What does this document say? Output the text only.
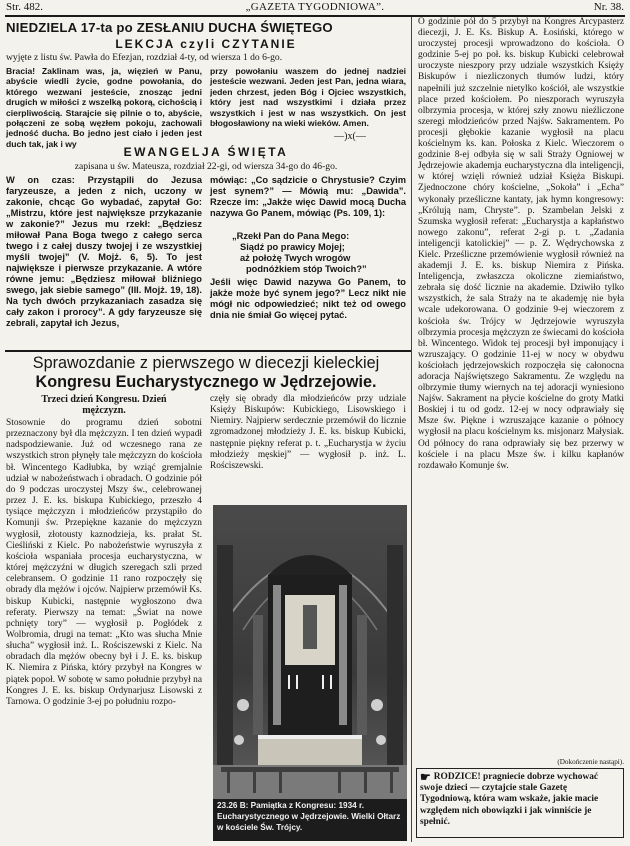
Str. 482.	„GAZETA TYGODNIOWA”.	Nr. 38.
NIEDZIELA 17-ta po ZESŁANIU DUCHA ŚWIĘTEGO
LEKCJA czyli CZYTANIE
wyjęte z listu św. Pawła do Efezjan, rozdział 4-ty, od wiersza 1 do 6-go.
Bracia! Zaklinam was, ja, więzień w Panu, abyście wiedli życie, godne powołania, do którego wezwani jesteście, znosząc jedni drugich w miłości z wszelką pokorą, cichością i cierpliwością. Starajcie się pilnie o to, abyście, połączeni ze sobą węzłem pokoju, zachowali jedność ducha. Bo jedno jest ciało i jeden jest duch tak, jak i wy
przy powołaniu waszem do jednej nadziei jesteście wezwani. Jeden jest Pan, jedna wiara, jeden chrzest, jeden Bóg i Ojciec wszystkich, który jest nad wszystkimi i działa przez wszystkich i jest w nas wszystkich. On jest błogosławiony na wieki wieków. Amen.
—)x(—
EWANGELJA ŚWIĘTA
zapisana u św. Mateusza, rozdział 22-gi, od wiersza 34-go do 46-go.
W on czas: Przystąpili do Jezusa faryzeusze, a jeden z nich, uczony w zakonie, chcąc Go wybadać, zapytał Go: „Mistrzu, które jest największe przykazanie w zakonie?” Jezus mu rzekł: „Będziesz miłował Pana Boga twego z całego serca twego i z całej duszy twojej i ze wszystkiej myśli twojej” (V. Mojż. 6, 5). To jest największe i pierwsze przykazanie. A wtóre równe jemu: „Będziesz miłował bliźniego swego, jak siebie samego” (III. Mojż. 19, 18). Na tych dwóch przykazaniach zasadza się cały zakon i prorocy”. A gdy faryzeusze się zebrali, zapytał ich Jezus,
mówiąc: „Co sądzicie o Chrystusie? Czyim jest synem?” — Mówią mu: „Dawida”. Rzecze im: „Jakże więc Dawid mocą Ducha nazywa Go Panem, mówiąc (Ps. 109, 1):
„Rzekł Pan do Pana Mego:
Siądź po prawicy Mojej;
aż położę Twych wrogów
podnóżkiem stóp Twoich?”
Jeśli więc Dawid nazywa Go Panem, to jakże może być synem jego?” Lecz nikt nie mógł nic odpowiedzieć; nikt też od owego dnia nie śmiał Go więcej pytać.
Sprawozdanie z pierwszego w diecezji kieleckiej
Kongresu Eucharystycznego w Jędrzejowie.
Trzeci dzień Kongresu. Dzień
mężczyzn.
Stosownie do programu dzień sobotni przeznaczony był dla mężczyzn. I ten dzień wypadł nadspodziewanie. Już od wczesnego rana ze wszystkich stron płynęły tale mężczyzn do kościoła bł. Wincentego Kadłubka, by wziąć gremjalnie udział w nabożeństwach i obradach. O godzinie pół do 9 podczas uroczystej Mszy św., celebrowanej przez J. E. ks. biskupa Kubickiego, przeszło 4 tysiące mężczyzn i młodzieńców przystąpiło do Komunji św. Przepiękne kazanie do mężczyzn wygłosił, złotousty kaznodzieja, ks. prałat St. Cieśliński z Kielc. Po nabożeństwie wyruszyła z kościoła wspaniała procesja eucharystyczna, w której mężczyźni w długich szeregach szli przed celebransem. O godzinie 11 rano rozpoczęły się obrady dla mężów i ojców. Najpierw przemówił Ks. biskup Kubicki, następnie wygłoszono dwa referaty. Pierwszy na temat: „Świat na nowe pchnięty tory” — wygłosił p. Pogłódek z Wolbromia, drugi na temat: „Kto was słucha Mnie słucha” wygłosił inż. L. Rościszewski z Kielc. Na obradach dla mężów obecny był i J. E. ks. biskup K. Niemira z Pińska, który przybył na Kongres w piątek popoł. W sobotę w samo południe przybył na Kongres J. E. ks. biskup Ordynarjusz Lisowski z Tarnowa. O godzinie 3-ej po południu rozpo-
częły się obrady dla młodzieńców przy udziale Księży Biskupów: Kubickiego, Lisowskiego i Niemiry. Najpierw serdecznie przemówił do licznie zgromadzonej młodzieży J. E. ks. biskup Kubicki, następnie piękny referat p. t. „Eucharystja w życiu młodzieży męskiej” — wygłosił p. inż. L. Rościszewski.
23.26 B: Pamiątka z Kongresu: 1934 r. Eucharystycznego w Jędrzejowie. Wielki Ołtarz w kościele Św. Trójcy.
O godzinie pół do 5 przybył na Kongres Arcypasterz diecezji, J. E. Ks. Biskup A. Łosiński, którego w uroczystej procesji wprowadzono do kościoła. O godzinie 5-ej po poł. ks. biskup Kubicki celebrował uroczyste nieszpory przy udziale wszystkich Księży Biskupów i niezliczonych tłumów ludzi, który napełnili już szczelnie nietylko kościół, ale wszystkie place przed kościołem. Po nieszporach wyruszyła olbrzymia procesja, w której szły znowu nieźliczone szeregi młodzieńców przed Najśw. Sakramentem. Po procesji głębokie kazanie wygłosił na placu kościelnym ks. kan. Połoska z Kielc. Wieczorem o godzinie 8-ej odbyła się w sali Straży Ogniowej w Jędrzejowie akademja eucharystyczna dla inteligencji, w której wzięli również udział Księża Biskupi. Zjednoczone chóry kościelne, „Sokoła” i „Echa” wykonały prześliczne kantaty, jak hymn kongresowy: „Królują nam, Chryste”. p. Szambelan Jelski z Szumska wygłosił referat: „Eucharystja a kapłaństwo nowego zakonu”, referat 2-gi p. t. „Zadania inteligencji katolickiej” — p. Z. Wędrychowska z Kielc. Prześliczne przemówienie wygłosił również na akademji J. E. ks. biskup Niemira z Pińska. Inteligencja, zwłaszcza okoliczne ziemiaństwo, zebrała się dość licznie na akademie. Dziwiło tylko wszystkich, że sala Straży na te akademję nie była wcale udekorowana. O godzinie 9-ej wieczorem z kościoła św. Trójcy w Jędrzejowie wyruszyła olbrzymia procesja mężczyzn ze świecami do kościoła bł. Wincentego. Widok tej procesji był imponujący i wzruszający. O godzinie 11-ej w nocy w obydwu kościołach jędrzejowskich rozpoczęła się całonocna adoracja Najświętszego Sakramentu. Ze względu na olbrzymie tłumy wiernych na tej adoracji wyniesiono Najśw. Sakrament na płycie kościelne do groty Matki Boskiej i tu od godz. 12-ej w nocy odprawiały się Msze św. Piękne i wzruszające kazanie o północy wygłosił na placu kościelnym ks. misjonarz Małysiak. Od północy do rana odprawiały się bez przerwy w kościele i na placu Msze św. i kilku kapłanów rozdawało Komunje św.
(Dokończenie nastąpi).
☛ RODZICE! pragniecie dobrze wychować swoje dzieci — czytajcie stale Gazetę Tygodniową, która wam wskaże, jakie macie względem nich obowiązki i jak winniście je spełnić.
